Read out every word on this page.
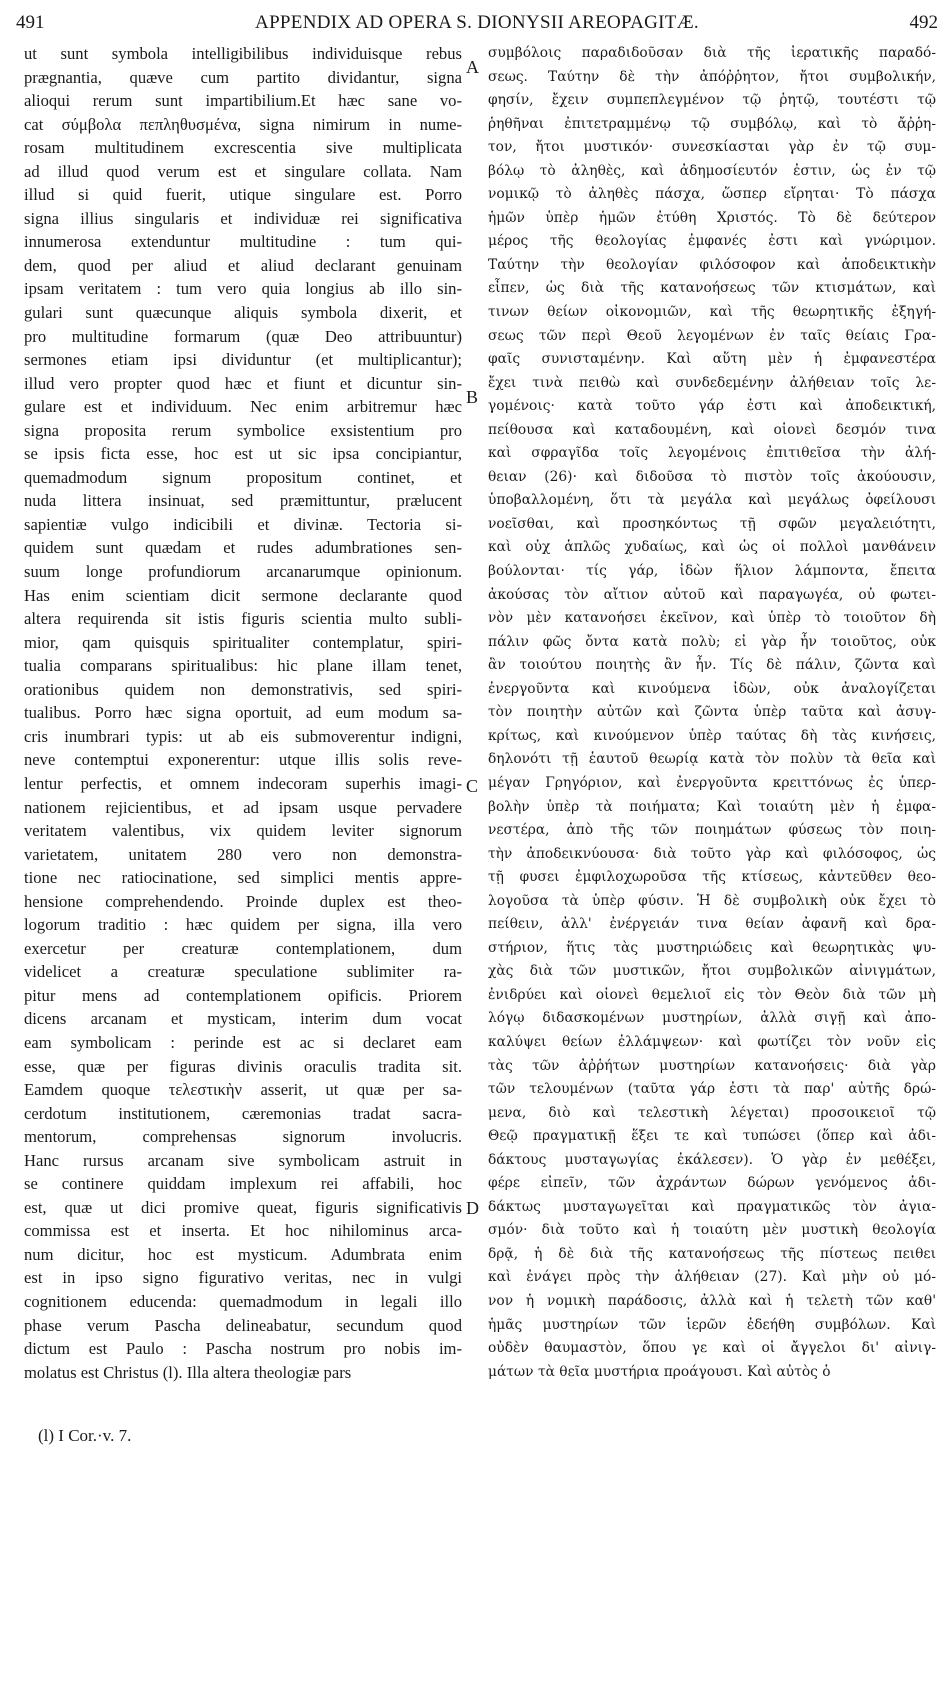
491	APPENDIX AD OPERA S. DIONYSII AREOPAGITÆ.	492
ut sunt symbola intelligibilibus individuisque rebus
prægnantia, quæve cum partito dividantur, signa
alioqui rerum sunt impartibilium.Et hæc sane vo-
cat σύμβολα πεπληθυσμένα, signa nimirum in nume-
rosam multitudinem excrescentia sive multiplicata
ad illud quod verum est et singulare collata. Nam
illud si quid fuerit, utique singulare est. Porro
signa illius singularis et individuæ rei significativa
innumerosa extenduntur multitudine : tum qui-
dem, quod per aliud et aliud declarant genuinam
ipsam veritatem : tum vero quia longius ab illo sin-
gulari sunt quæcunque aliquis symbola dixerit, et
pro multitudine formarum (quæ Deo attribuuntur)
sermones etiam ipsi dividuntur (et multiplicantur);
illud vero propter quod hæc et fiunt et dicuntur sin-
gulare est et individuum. Nec enim arbitremur hæc
signa proposita rerum symbolice exsistentium pro
se ipsis ficta esse, hoc est ut sic ipsa concipiantur,
quemadmodum signum propositum continet, et
nuda littera insinuat, sed præmittuntur, prælucent
sapientiæ vulgo indicibili et divinæ. Tectoria si-
quidem sunt quædam et rudes adumbrationes sen-
suum longe profundiorum arcanarumque opinionum.
Has enim scientiam dicit sermone declarante quod
altera requirenda sit istis figuris scientia multo subli-
mior, qam quisquis spiritualiter contemplatur, spiri-
tualia comparans spiritualibus: hic plane illam tenet,
orationibus quidem non demonstrativis, sed spiri-
tualibus. Porro hæc signa oportuit, ad eum modum sa-
cris inumbrari typis: ut ab eis submoverentur indigni,
neve contemptui exponerentur: utque illis solis reve-
lentur perfectis, et omnem indecoram superhis imagi-
nationem rejicientibus, et ad ipsam usque pervadere
veritatem valentibus, vix quidem leviter signorum
varietatem, unitatem 280 vero non demonstra-
tione nec ratiocinatione, sed simplici mentis appre-
hensione comprehendendo. Proinde duplex est theo-
logorum traditio : hæc quidem per signa, illa vero
exercetur per creaturæ contemplationem, dum
videlicet a creaturæ speculatione sublimiter ra-
pitur mens ad contemplationem opificis. Priorem
dicens arcanam et mysticam, interim dum vocat
eam symbolicam : perinde est ac si declaret eam
esse, quæ per figuras divinis oraculis tradita sit.
Eamdem quoque τελεστικὴν asserit, ut quæ per sa-
cerdotum institutionem, cæremonias tradat sacra-
mentorum, comprehensas signorum involucris.
Hanc rursus arcanam sive symbolicam astruit in
se continere quiddam implexum rei affabili, hoc
est, quæ ut dici promive queat, figuris significativis
commissa est et inserta. Et hoc nihilominus arca-
num dicitur, hoc est mysticum. Adumbrata enim
est in ipso signo figurativo veritas, nec in vulgi
cognitionem educenda: quemadmodum in legali illo
phase verum Pascha delineabatur, secundum quod
dictum est Paulo : Pascha nostrum pro nobis im-
molatus est Christus (l). Illa altera theologiæ pars
A
B
C
D
συμβόλοις παραδιδοῦσαν διὰ τῆς ἱερατικῆς παραδό-
σεως. Ταύτην δὲ τὴν ἀπόῤῥητον, ἤτοι συμβολικήν,
φησίν, ἔχειν συμπεπλεγμένον τῷ ῥητῷ, τουτέστι τῷ
ῥηθῆναι ἐπιτετραμμένῳ τῷ συμβόλῳ, καὶ τὸ ἄῤῥη-
τον, ἤτοι μυστικόν· συνεσκίασται γὰρ ἐν τῷ συμ-
βόλῳ τὸ ἀληθὲς, καὶ ἀδημοσίευτόν ἐστιν, ὡς ἐν τῷ
νομικῷ τὸ ἀληθὲς πάσχα, ὥσπερ εἴρηται· Τὸ πάσχα
ἡμῶν ὑπὲρ ἡμῶν ἐτύθη Χριστός. Τὸ δὲ δεύτερον
μέρος τῆς θεολογίας ἐμφανές ἐστι καὶ γνώριμον.
Ταύτην τὴν θεολογίαν φιλόσοφον καὶ ἀποδεικτικὴν
εἶπεν, ὡς διὰ τῆς κατανοήσεως τῶν κτισμάτων, καὶ
τινων θείων οἰκονομιῶν, καὶ τῆς θεωρητικῆς ἐξηγή-
σεως τῶν περὶ Θεοῦ λεγομένων ἐν ταῖς θείαις Γρα-
φαῖς συνισταμένην. Καὶ αὕτη μὲν ἡ ἐμφανεστέρα
ἔχει τινὰ πειθὼ καὶ συνδεδεμένην ἀλήθειαν τοῖς λε-
γομένοις· κατὰ τοῦτο γάρ ἐστι καὶ ἀποδεικτική,
πείθουσα καὶ καταδουμένη, καὶ οἱονεὶ δεσμόν τινα
καὶ σφραγῖδα τοῖς λεγομένοις ἐπιτιθεῖσα τὴν ἀλή-
θειαν (26)· καὶ διδοῦσα τὸ πιστὸν τοῖς ἀκούουσιν,
ὑποβαλλομένη, ὅτι τὰ μεγάλα καὶ μεγάλως ὀφείλουσι
νοεῖσθαι, καὶ προσηκόντως τῇ σφῶν μεγαλειότητι,
καὶ οὐχ ἁπλῶς χυδαίως, καὶ ὡς οἱ πολλοὶ μανθάνειν
βούλονται· τίς γάρ, ἰδὼν ἥλιον λάμποντα, ἔπειτα
ἀκούσας τὸν αἴτιον αὐτοῦ καὶ παραγωγέα, οὐ φωτει-
νὸν μὲν κατανοήσει ἐκεῖνον, καὶ ὑπὲρ τὸ τοιοῦτον δὴ
πάλιν φῶς ὄντα κατὰ πολὺ; εἰ γὰρ ἦν τοιοῦτος, οὐκ
ἂν τοιούτου ποιητὴς ἂν ἦν. Τίς δὲ πάλιν, ζῶντα καὶ
ἐνεργοῦντα καὶ κινούμενα ἰδὼν, οὐκ ἀναλογίζεται
τὸν ποιητὴν αὐτῶν καὶ ζῶντα ὑπὲρ ταῦτα καὶ ἀσυγ-
κρίτως, καὶ κινούμενον ὑπὲρ ταύτας δὴ τὰς κινήσεις,
δηλονότι τῇ ἑαυτοῦ θεωρίᾳ κατὰ τὸν πολὺν τὰ θεῖα καὶ
μέγαν Γρηγόριον, καὶ ἐνεργοῦντα κρειττόνως ἐς ὑπερ-
βολὴν ὑπὲρ τὰ ποιήματα; Καὶ τοιαύτη μὲν ἡ ἐμφα-
νεστέρα, ἀπὸ τῆς τῶν ποιημάτων φύσεως τὸν ποιη-
τὴν ἀποδεικνύουσα· διὰ τοῦτο γὰρ καὶ φιλόσοφος, ὡς
τῇ φυσει ἐμφιλοχωροῦσα τῆς κτίσεως, κἀντεῦθεν θεο-
λογοῦσα τὰ ὑπὲρ φύσιν. Ἡ δὲ συμβολικὴ οὐκ ἔχει τὸ
πείθειν, ἀλλ' ἐνέργειάν τινα θείαν ἀφανῆ καὶ δρα-
στήριον, ἥτις τὰς μυστηριώδεις καὶ θεωρητικὰς ψυ-
χὰς διὰ τῶν μυστικῶν, ἤτοι συμβολικῶν αἰνιγμάτων,
ἐνιδρύει καὶ οἱονεὶ θεμελιοῖ εἰς τὸν Θεὸν διὰ τῶν μὴ
λόγῳ διδασκομένων μυστηρίων, ἀλλὰ σιγῇ καὶ ἀπο-
καλύψει θείων ἐλλάμψεων· καὶ φωτίζει τὸν νοῦν εἰς
τὰς τῶν ἀῤῥήτων μυστηρίων κατανοήσεις· διὰ γὰρ
τῶν τελουμένων (ταῦτα γάρ ἐστι τὰ παρ' αὐτῆς δρώ-
μενα, διὸ καὶ τελεστικὴ λέγεται) προσοικειοῖ τῷ
Θεῷ πραγματικῇ ἕξει τε καὶ τυπώσει (ὅπερ καὶ ἀδι-
δάκτους μυσταγωγίας ἐκάλεσεν). Ὁ γὰρ ἐν μεθέξει,
φέρε εἰπεῖν, τῶν ἀχράντων δώρων γενόμενος ἀδι-
δάκτως μυσταγωγεῖται καὶ πραγματικῶς τὸν ἁγια-
σμόν· διὰ τοῦτο καὶ ἡ τοιαύτη μὲν μυστικὴ θεολογία
δρᾷ, ἡ δὲ διὰ τῆς κατανοήσεως τῆς πίστεως πειθει
καὶ ἐνάγει πρὸς τὴν ἀλήθειαν (27). Καὶ μὴν οὐ μό-
νον ἡ νομικὴ παράδοσις, ἀλλὰ καὶ ἡ τελετὴ τῶν καθ'
ἡμᾶς μυστηρίων τῶν ἱερῶν ἐδεήθη συμβόλων. Καὶ
οὐδὲν θαυμαστὸν, ὅπου γε καὶ οἱ ἄγγελοι δι' αἰνιγ-
μάτων τὰ θεῖα μυστήρια προάγουσι. Καὶ αὐτὸς ὁ
(l) I Cor.·v. 7.
